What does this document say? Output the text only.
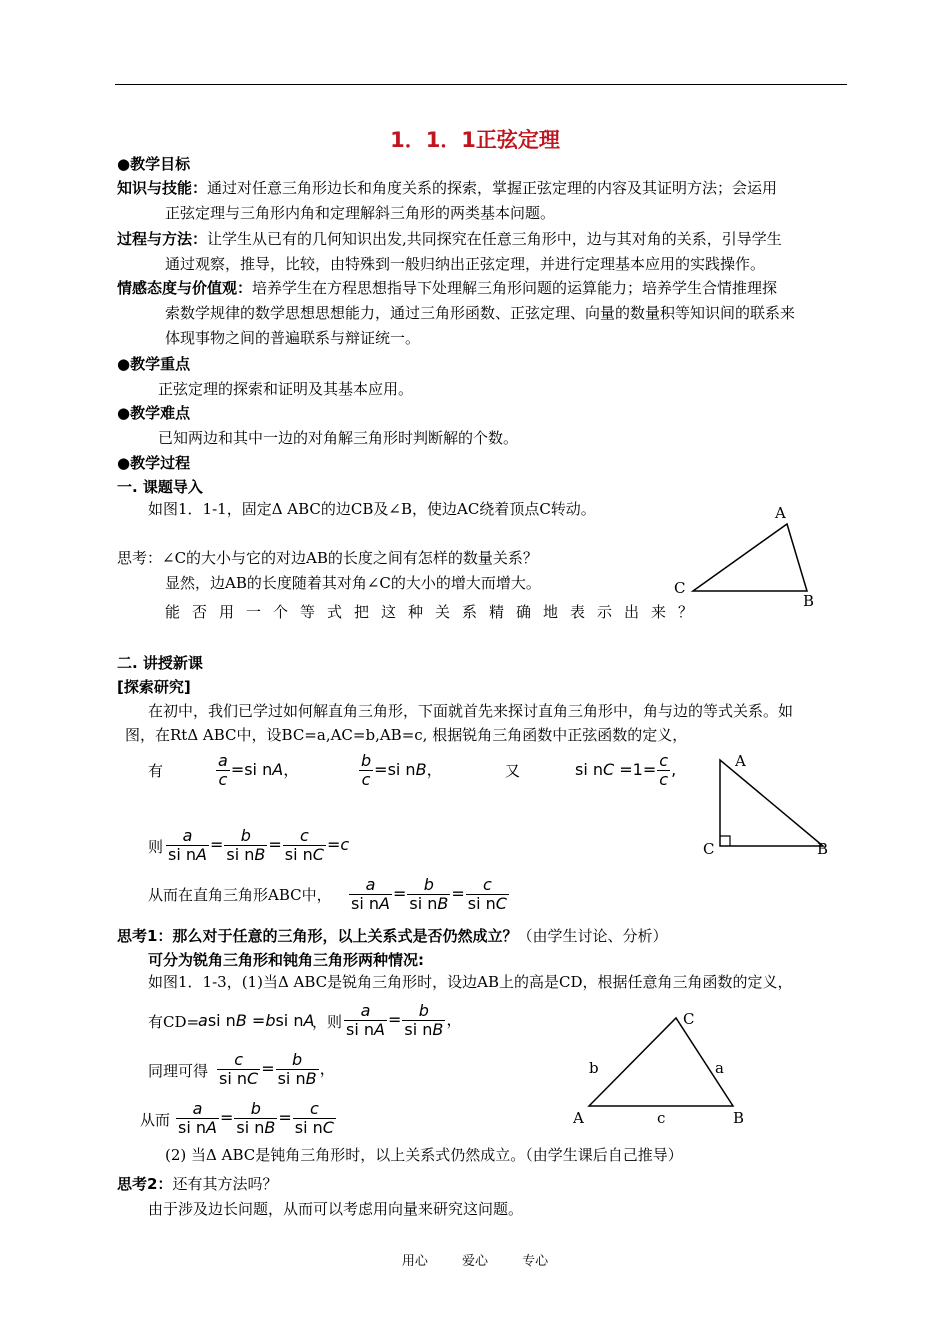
1．1．1正弦定理
●教学目标
知识与技能：通过对任意三角形边长和角度关系的探索，掌握正弦定理的内容及其证明方法；会运用
正弦定理与三角形内角和定理解斜三角形的两类基本问题。
过程与方法：让学生从已有的几何知识出发,共同探究在任意三角形中，边与其对角的关系，引导学生
通过观察，推导，比较，由特殊到一般归纳出正弦定理，并进行定理基本应用的实践操作。
情感态度与价值观：培养学生在方程思想指导下处理解三角形问题的运算能力；培养学生合情推理探
索数学规律的数学思想思想能力，通过三角形函数、正弦定理、向量的数量积等知识间的联系来
体现事物之间的普遍联系与辩证统一。
●教学重点
正弦定理的探索和证明及其基本应用。
●教学难点
已知两边和其中一边的对角解三角形时判断解的个数。
●教学过程
一. 课题导入
如图1．1-1，固定Δ ABC的边CB及∠B，使边AC绕着顶点C转动。
思考：∠C的大小与它的对边AB的长度之间有怎样的数量关系？
显然，边AB的长度随着其对角∠C的大小的增大而增大。
能否用一个等式把这种关系精确地表示出来？
A
C
B
二. 讲授新课
[探索研究]
在初中，我们已学过如何解直角三角形，下面就首先来探讨直角三角形中，角与边的等式关系。如
图，在RtΔ ABC中，设BC=a,AC=b,AB=c, 根据锐角三角函数中正弦函数的定义，
有	$\frac{a}{c} =si$ nA，	$\frac{b}{c} =si$ nB，	又	si nC $=1= \frac{c}{c}$ ,	A
C	B
则 $\frac{a}{\text{si nA}} = \frac{b}{\text{si nB}} = \frac{c}{\text{si nC}} =c$
从而在直角三角形ABC中， $\frac{a}{\text{si nA}} = \frac{b}{\text{si nB}} = \frac{c}{\text{si nC}}$
思考1：那么对于任意的三角形，以上关系式是否仍然成立？（由学生讨论、分析）
可分为锐角三角形和钝角三角形两种情况:
如图1．1-3，(1)当Δ ABC是锐角三角形时，设边AB上的高是CD，根据任意角三角函数的定义，
有CD=
asi nB =bsi nA
，则 $\frac{a}{\text{si nA}} = \frac{b}{\text{si nB}}$ ，
同理可得 $\frac{c}{\text{si nC}} = \frac{b}{\text{si nB}}$ ，
从而 $\frac{a}{\text{si nA}} = \frac{b}{\text{si nB}} = \frac{c}{\text{si nC}}$
C
b	a
A	c	B
(2) 当Δ ABC是钝角三角形时，以上关系式仍然成立。（由学生课后自己推导）
思考2：还有其方法吗？
由于涉及边长问题，从而可以考虑用向量来研究这问题。
用心 爱心 专心
